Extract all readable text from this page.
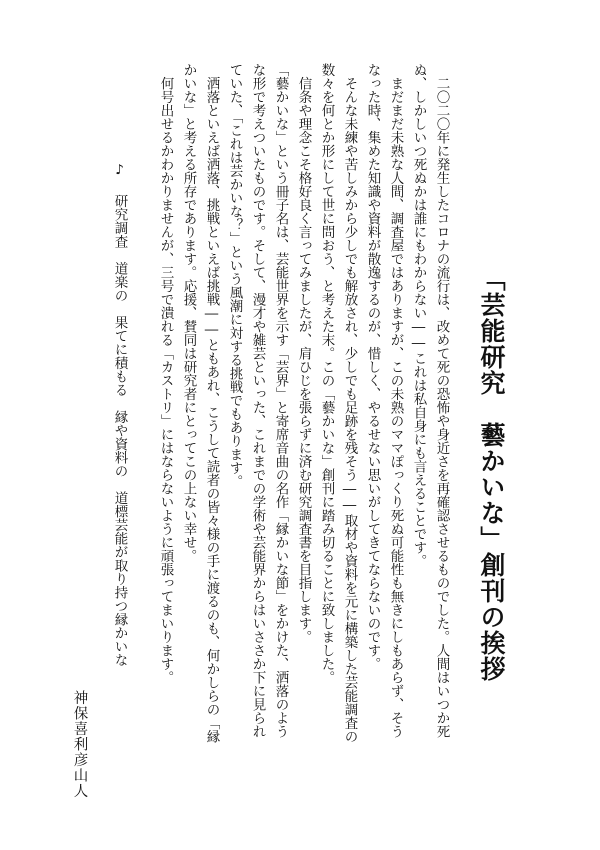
「芸能研究　藝かいな」創刊の挨拶

　二〇二〇年に発生したコロナの流行は、改めて死の恐怖や身近さを再確認させるものでした。人間はいつか死

ぬ、しかしいつ死ぬかは誰にもわからない――これは私自身にも言えることです。

　まだまだ未熟な人間、調査屋ではありますが、この未熟のママぽっくり死ぬ可能性も無きにしもあらず、そう

なった時、集めた知識や資料が散逸するのが、惜しく、やるせない思いがしてきてならないのです。

　そんな未練や苦しみから少しでも解放され、少しでも足跡を残そう――取材や資料を元に構築した芸能調査の

数々を何とか形にして世に問おう、と考えた末。この「藝かいな」創刊に踏み切ることに致しました。

　信条や理念こそ格好良く言ってみましたが、肩ひじを張らずに済む研究調査書を目指します。

「藝かいな」という冊子名は、芸能世界を示す「芸界」と寄席音曲の名作「縁かいな節」をかけた、洒落のよう

な形で考えついたものです。そして、漫才や雑芸といった、これまでの学術や芸能界からはいささか下に見られ

ていた、「これは芸かいな？」という風潮に対する挑戦でもあります。

　洒落といえば洒落、挑戦といえば挑戦――ともあれ、こうして読者の皆々様の手に渡るのも、何かしらの「縁

かいな」と考える所存であります。応援、賛同は研究者にとってこの上ない幸せ。

　何号出せるかわかりませんが、三号で潰れる「カストリ」にはならないように頑張ってまいります。

♪ 研究調査　道楽の　果てに積もる　縁や資料の　道標芸能が取り持つ縁かいな

神保喜利彦山人
